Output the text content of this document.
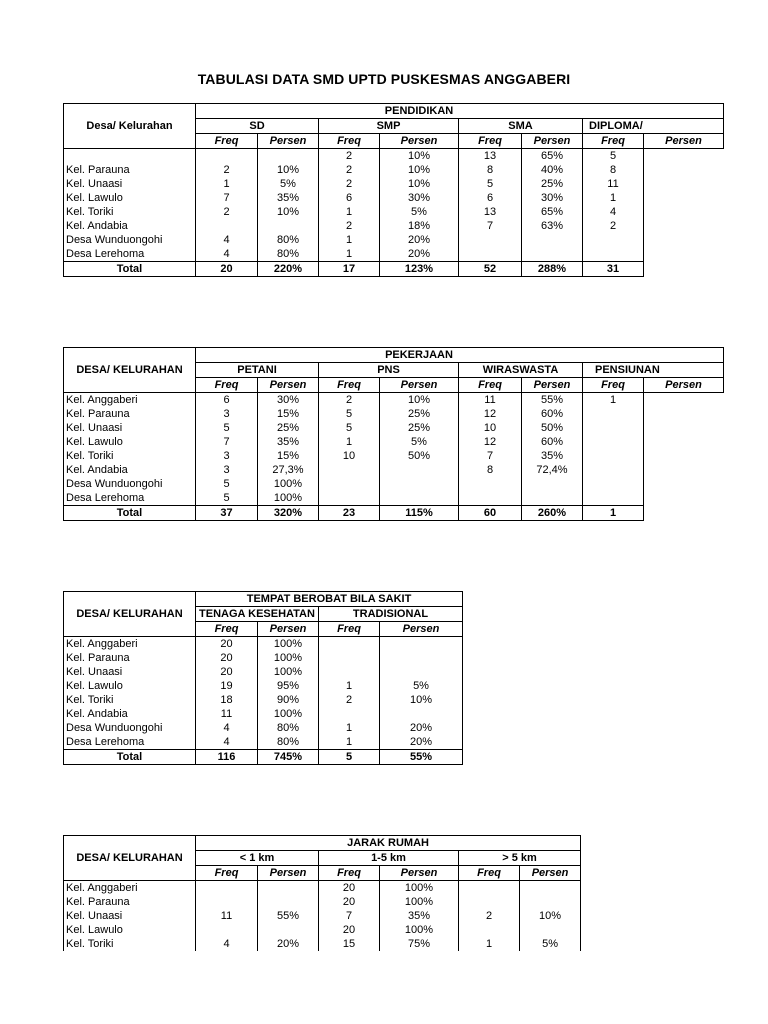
TABULASI DATA SMD UPTD PUSKESMAS ANGGABERI
Desa/ Kelurahan	PENDIDIKAN							
	SD		SMP		SMA		DIPLOMA/	
	Freq	Persen	Freq	Persen	Freq	Persen	Freq	Persen
			2	10%	13	65%	5	
Kel. Parauna	2	10%	2	10%	8	40%	8	
Kel. Unaasi	1	5%	2	10%	5	25%	11	
Kel. Lawulo	7	35%	6	30%	6	30%	1	
Kel. Toriki	2	10%	1	5%	13	65%	4	
Kel. Andabia			2	18%	7	63%	2	
Desa Wunduongohi	4	80%	1	20%				
Desa Lerehoma	4	80%	1	20%				
Total	20	220%	17	123%	52	288%	31	
DESA/ KELURAHAN	PEKERJAAN							
	PETANI		PNS		WIRASWASTA		PENSIUNAN	
	Freq	Persen	Freq	Persen	Freq	Persen	Freq	Persen
Kel. Anggaberi	6	30%	2	10%	11	55%	1	
Kel. Parauna	3	15%	5	25%	12	60%		
Kel. Unaasi	5	25%	5	25%	10	50%		
Kel. Lawulo	7	35%	1	5%	12	60%		
Kel. Toriki	3	15%	10	50%	7	35%		
Kel. Andabia	3	27,3%			8	72,4%		
Desa Wunduongohi	5	100%						
Desa Lerehoma	5	100%						
Total	37	320%	23	115%	60	260%	1	
DESA/ KELURAHAN	TEMPAT BEROBAT BILA SAKIT			
	TENAGA KESEHATAN		TRADISIONAL	
	Freq	Persen	Freq	Persen
Kel. Anggaberi	20	100%		
Kel. Parauna	20	100%		
Kel. Unaasi	20	100%		
Kel. Lawulo	19	95%	1	5%
Kel. Toriki	18	90%	2	10%
Kel. Andabia	11	100%		
Desa Wunduongohi	4	80%	1	20%
Desa Lerehoma	4	80%	1	20%
Total	116	745%	5	55%
DESA/ KELURAHAN	JARAK RUMAH					
	< 1 km		1-5 km		> 5 km	
	Freq	Persen	Freq	Persen	Freq	Persen
Kel. Anggaberi			20	100%		
Kel. Parauna			20	100%		
Kel. Unaasi	11	55%	7	35%	2	10%
Kel. Lawulo			20	100%		
Kel. Toriki	4	20%	15	75%	1	5%
